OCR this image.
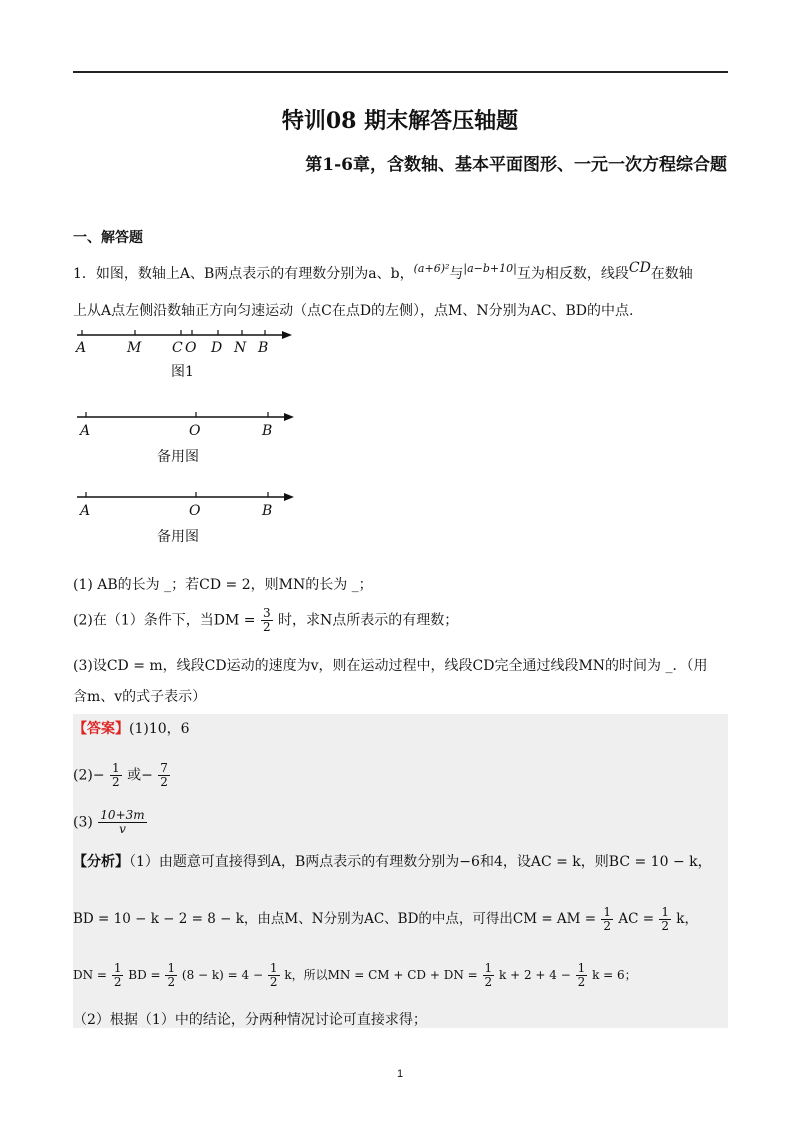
特训08 期末解答压轴题
第1-6章，含数轴、基本平面图形、一元一次方程综合题
一、解答题
1．如图，数轴上A、B两点表示的有理数分别为a、b，$^{(a+6)^2}$与$^{|a-b+10|}$互为相反数，线段CD在数轴
上从A点左侧沿数轴正方向匀速运动（点C在点D的左侧），点M、N分别为AC、BD的中点.
A	M C O D N B
图1
A	O	B
备用图
A	O	B
备用图
(1) AB的长为 _；若CD = 2，则MN的长为 _；
(2)在（1）条件下，当DM = $\frac{3}{2}$ 时，求N点所表示的有理数；
(3)设CD = m，线段CD运动的速度为v，则在运动过程中，线段CD完全通过线段MN的时间为 _．（用
含m、v的式子表示）
【答案】(1)10，6
$(2)- \frac{1}{2}$ 或− $\frac{7}{2}$
$(3) \frac{10+3m}{v}$
【分析】（1）由题意可直接得到A，B两点表示的有理数分别为−6和4，设AC = k，则BC = 10 − k，
BD = 10 − k − 2 = 8 − k，由点M、N分别为AC、BD的中点，可得出CM = AM = $\frac{1}{2}$ AC = $\frac{1}{2}$ k，
DN = $\frac{1}{2}$ BD = $\frac{1}{2} (8 - k) = 4 - \frac{1}{2}$ k，所以MN = CM + CD + DN = $\frac{1}{2}$ $k + 2 + 4 - \frac{1}{2}$ k = 6；
（2）根据（1）中的结论，分两种情况讨论可直接求得；
1
